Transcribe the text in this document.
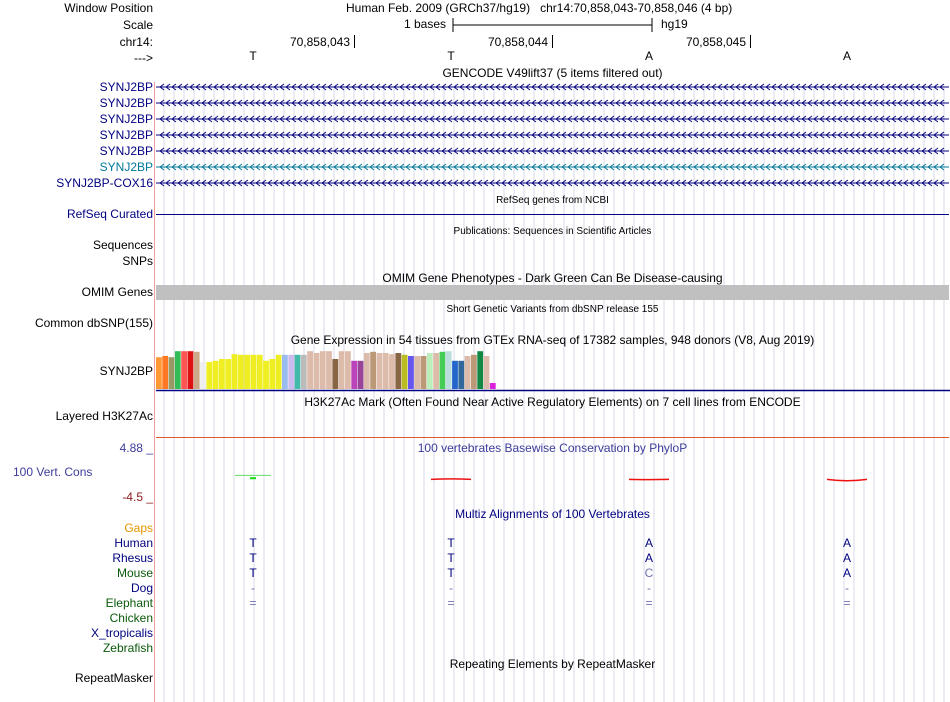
Window Position	Human Feb. 2009 (GRCh37/hg19)   chr14:70,858,043-70,858,046 (4 bp)
Scale	1 bases	hg19
chr14:	70,858,043	70,858,044	70,858,045
--->	T	T	A	A
GENCODE V49lift37 (5 items filtered out)
SYNJ2BP
SYNJ2BP
SYNJ2BP
SYNJ2BP
SYNJ2BP
SYNJ2BP
SYNJ2BP-COX16
RefSeq genes from NCBI
RefSeq Curated
Publications: Sequences in Scientific Articles
Sequences
SNPs
OMIM Gene Phenotypes - Dark Green Can Be Disease-causing
OMIM Genes
Short Genetic Variants from dbSNP release 155
Common dbSNP(155)
Gene Expression in 54 tissues from GTEx RNA-seq of 17382 samples, 948 donors (V8, Aug 2019)
SYNJ2BP
H3K27Ac Mark (Often Found Near Active Regulatory Elements) on 7 cell lines from ENCODE
Layered H3K27Ac
4.88 _	100 vertebrates Basewise Conservation by PhyloP
100 Vert. Cons
-4.5 _
Multiz Alignments of 100 Vertebrates
Gaps
Human	T	T	A	A
Rhesus	T	T	A	A
Mouse	T	T	C	A
Dog	-	-	-	-
Elephant	=	=	=	=
Chicken
X_tropicalis
Zebrafish
Repeating Elements by RepeatMasker
RepeatMasker
